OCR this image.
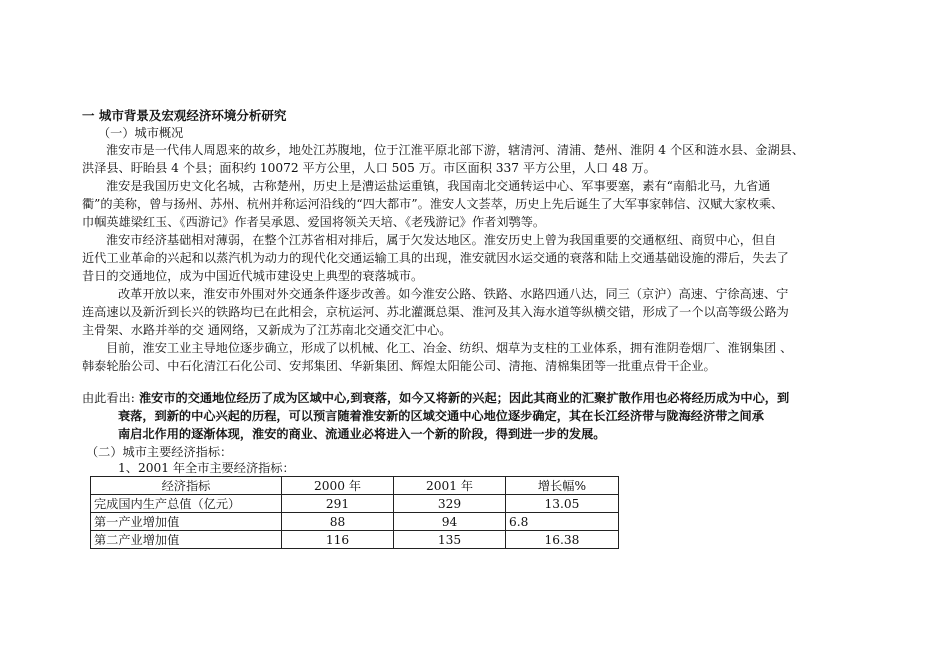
一 城市背景及宏观经济环境分析研究
（一）城市概况
淮安市是一代伟人周恩来的故乡，地处江苏腹地，位于江淮平原北部下游，辖清河、清浦、楚州、淮阴 4 个区和涟水县、金湖县、
洪泽县、盱眙县 4 个县；面积约 10072 平方公里，人口 505 万。市区面积 337 平方公里，人口 48 万。
淮安是我国历史文化名城，古称楚州，历史上是漕运盐运重镇，我国南北交通转运中心、军事要塞，素有“南船北马，九省通
衢”的美称，曾与扬州、苏州、杭州并称运河沿线的“四大都市”。淮安人文荟萃，历史上先后诞生了大军事家韩信、汉赋大家枚乘、
巾帼英雄梁红玉、《西游记》作者吴承恩、爱国将领关天培、《老残游记》作者刘鹗等。
淮安市经济基础相对薄弱，在整个江苏省相对排后，属于欠发达地区。淮安历史上曾为我国重要的交通枢纽、商贸中心，但自
近代工业革命的兴起和以蒸汽机为动力的现代化交通运输工具的出现，淮安就因水运交通的衰落和陆上交通基础设施的滞后，失去了
昔日的交通地位，成为中国近代城市建设史上典型的衰落城市。
改革开放以来，淮安市外围对外交通条件逐步改善。如今淮安公路、铁路、水路四通八达，同三（京沪）高速、宁徐高速、宁
连高速以及新沂到长兴的铁路均已在此相会，京杭运河、苏北灌溉总渠、淮河及其入海水道等纵横交错，形成了一个以高等级公路为
主骨架、水路并举的交 通网络，又新成为了江苏南北交通交汇中心。
目前，淮安工业主导地位逐步确立，形成了以机械、化工、冶金、纺织、烟草为支柱的工业体系，拥有淮阴卷烟厂、淮钢集团 、
韩泰轮胎公司、中石化清江石化公司、安邦集团、华新集团、辉煌太阳能公司、清拖、清棉集团等一批重点骨干企业。
由此看出: 淮安市的交通地位经历了成为区域中心,到衰落，如今又将新的兴起；因此其商业的汇聚扩散作用也必将经历成为中心，到
衰落，到新的中心兴起的历程，可以预言随着淮安新的区域交通中心地位逐步确定，其在长江经济带与陇海经济带之间承
南启北作用的逐渐体现，淮安的商业、流通业必将进入一个新的阶段，得到进一步的发展。
（二）城市主要经济指标：
1、2001 年全市主要经济指标：
经济指标	2000 年	2001 年	增长幅%
完成国内生产总值（亿元）	291	329	13.05
第一产业增加值	88	94	6.8
第二产业增加值	116	135	16.38
